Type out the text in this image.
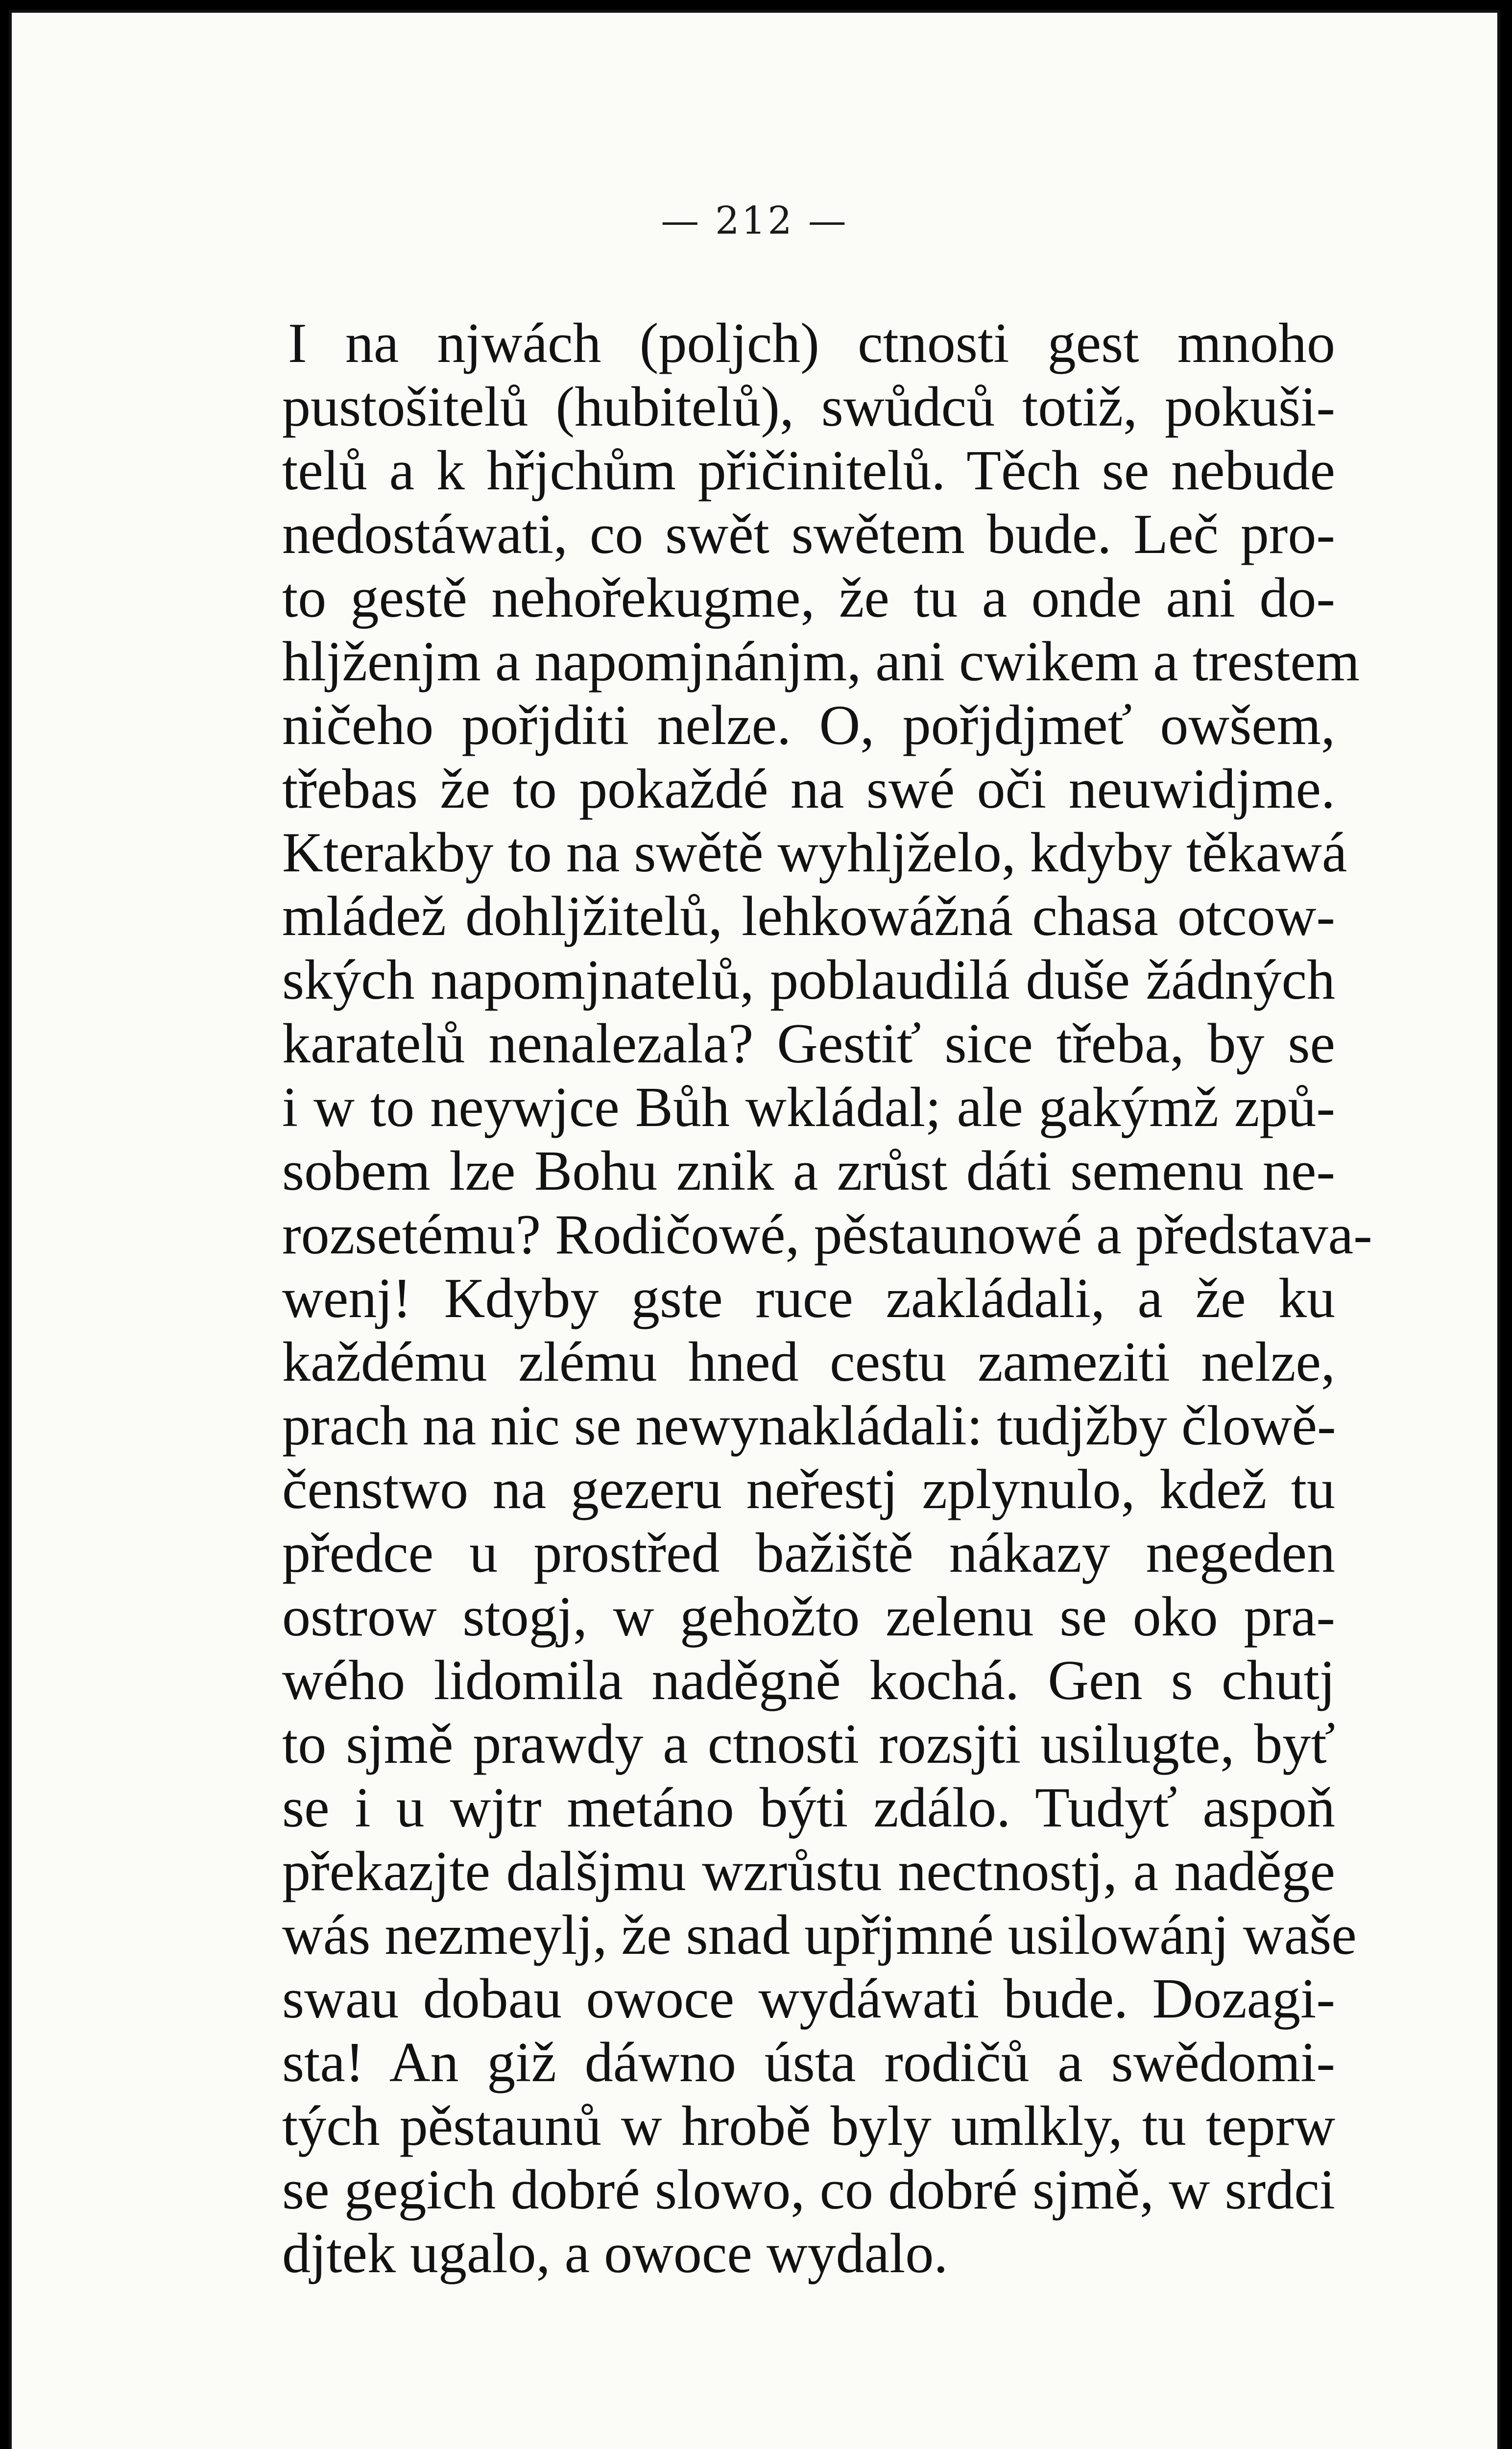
— 212 —
I na njwách (poljch) ctnosti gest mnoho
pustošitelů (hubitelů), swůdců totiž, pokuši-
telů a k hřjchům přičinitelů. Těch se nebude
nedostáwati, co swět swětem bude. Leč pro-
to gestě nehořekugme, že tu a onde ani do-
hljženjm a napomjnánjm, ani cwikem a trestem
ničeho pořjditi nelze. O, pořjdjmeť owšem,
třebas že to pokaždé na swé oči neuwidjme.
Kterakby to na swětě wyhljželo, kdyby těkawá
mládež dohljžitelů, lehkowážná chasa otcow-
ských napomjnatelů, poblaudilá duše žádných
karatelů nenalezala? Gestiť sice třeba, by se
i w to neywjce Bůh wkládal; ale gakýmž způ-
sobem lze Bohu znik a zrůst dáti semenu ne-
rozsetému? Rodičowé, pěstaunowé a představa-
wenj! Kdyby gste ruce zakládali, a že ku
každému zlému hned cestu zameziti nelze,
prach na nic se newynakládali: tudjžby člowě-
čenstwo na gezeru neřestj zplynulo, kdež tu
předce u prostřed bažiště nákazy negeden
ostrow stogj, w gehožto zelenu se oko pra-
wého lidomila naděgně kochá. Gen s chutj
to sjmě prawdy a ctnosti rozsjti usilugte, byť
se i u wjtr metáno býti zdálo. Tudyť aspoň
překazjte dalšjmu wzrůstu nectnostj, a naděge
wás nezmeylj, že snad upřjmné usilowánj waše
swau dobau owoce wydáwati bude. Dozagi-
sta! An giž dáwno ústa rodičů a swědomi-
tých pěstaunů w hrobě byly umlkly, tu teprw
se gegich dobré slowo, co dobré sjmě, w srdci
djtek ugalo, a owoce wydalo.
